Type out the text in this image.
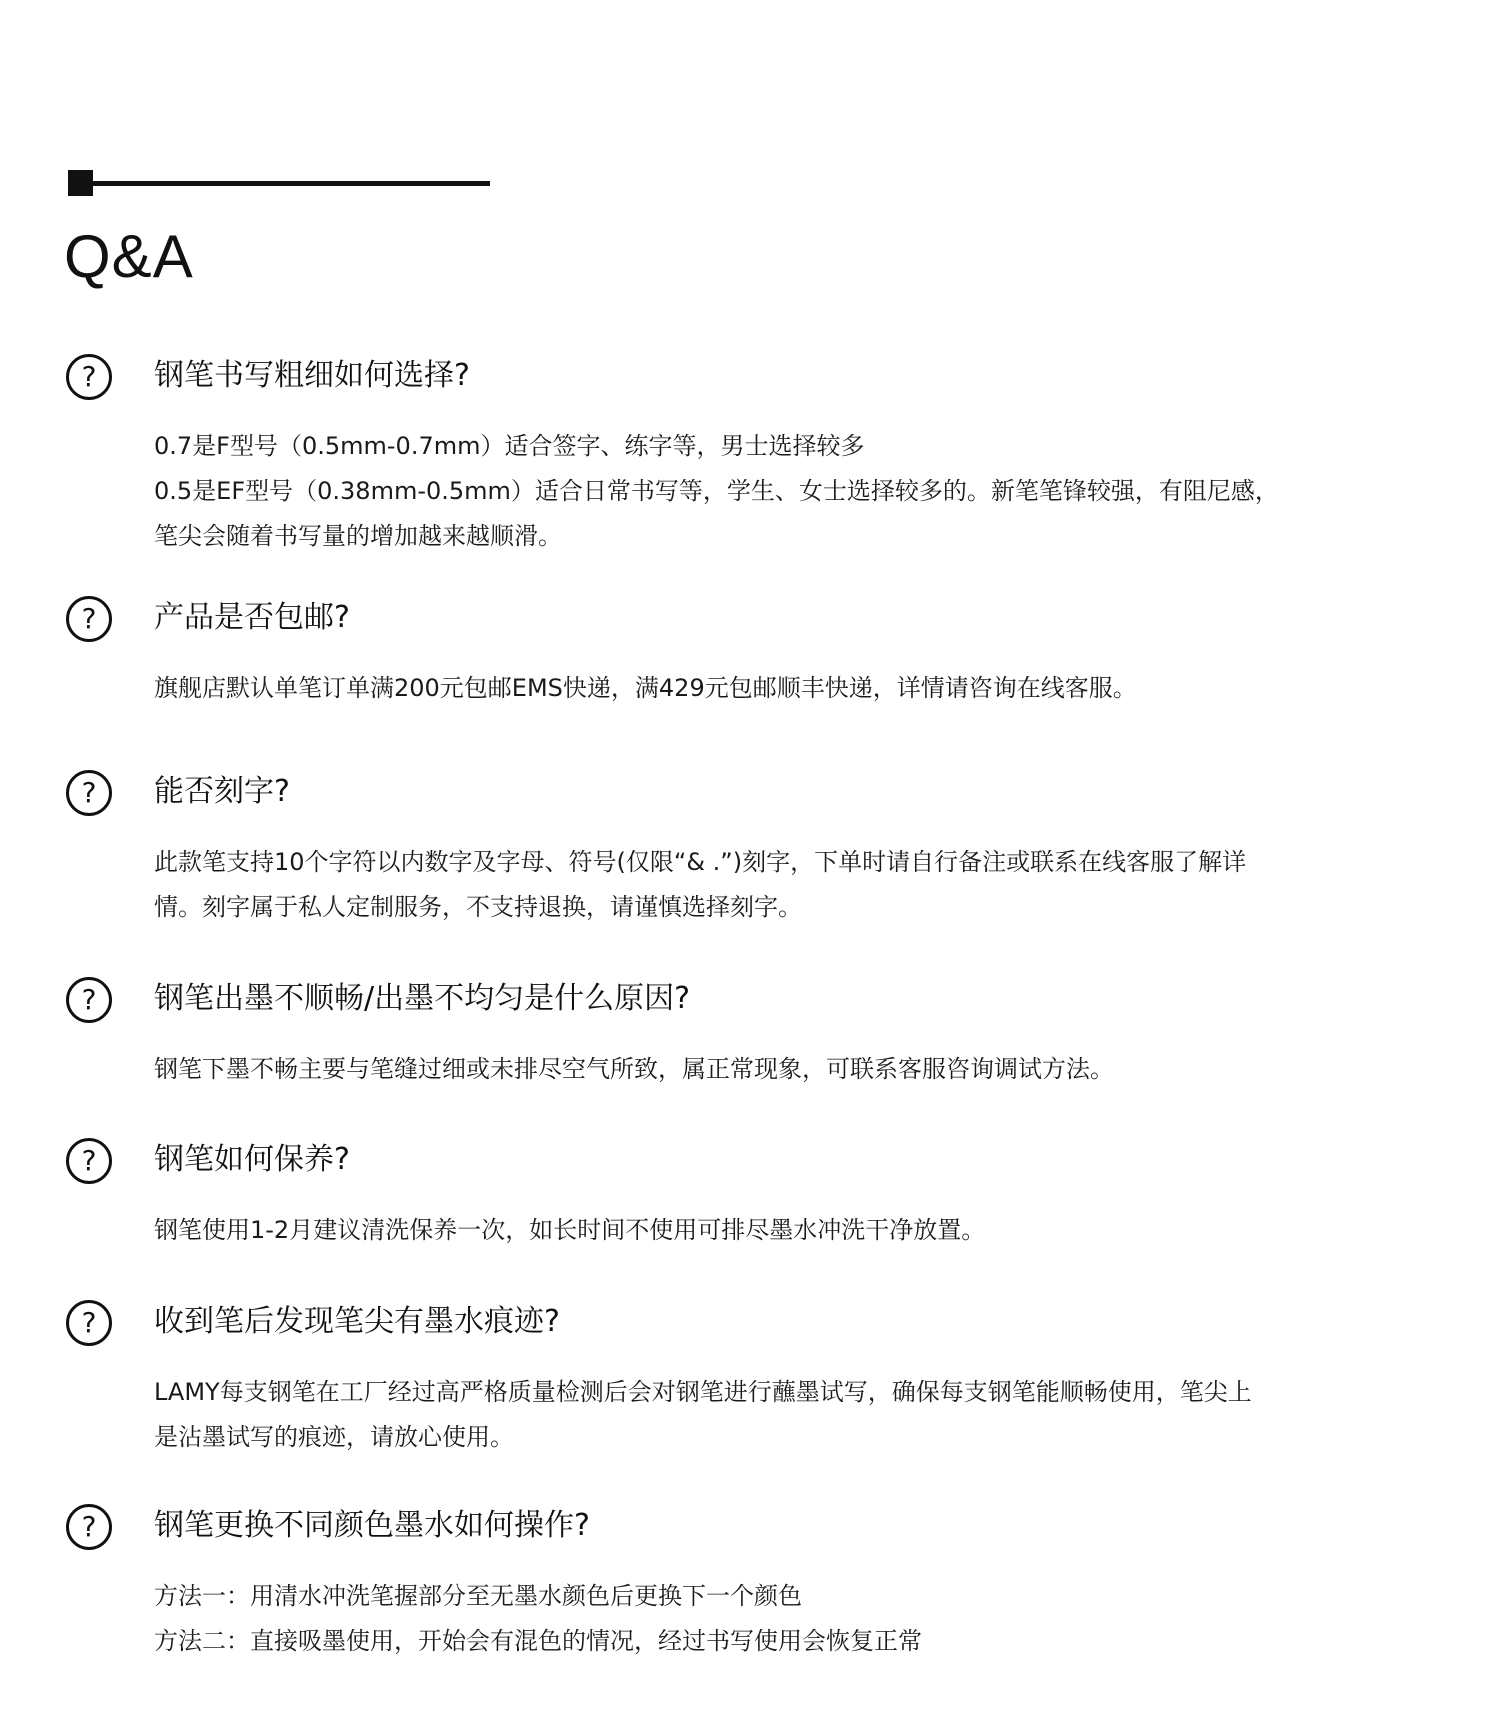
Q&A
?	钢笔书写粗细如何选择?
0.7是F型号（0.5mm-0.7mm）适合签字、练字等，男士选择较多
0.5是EF型号（0.38mm-0.5mm）适合日常书写等，学生、女士选择较多的。新笔笔锋较强，有阻尼感，
笔尖会随着书写量的增加越来越顺滑。
?	产品是否包邮?
旗舰店默认单笔订单满200元包邮EMS快递，满429元包邮顺丰快递，详情请咨询在线客服。
?	能否刻字?
此款笔支持10个字符以内数字及字母、符号(仅限“& .”)刻字，下单时请自行备注或联系在线客服了解详
情。刻字属于私人定制服务，不支持退换，请谨慎选择刻字。
?	钢笔出墨不顺畅/出墨不均匀是什么原因?
钢笔下墨不畅主要与笔缝过细或未排尽空气所致，属正常现象，可联系客服咨询调试方法。
?	钢笔如何保养?
钢笔使用1-2月建议清洗保养一次，如长时间不使用可排尽墨水冲洗干净放置。
?	收到笔后发现笔尖有墨水痕迹?
LAMY每支钢笔在工厂经过高严格质量检测后会对钢笔进行蘸墨试写，确保每支钢笔能顺畅使用，笔尖上
是沾墨试写的痕迹，请放心使用。
?	钢笔更换不同颜色墨水如何操作?
方法一：用清水冲洗笔握部分至无墨水颜色后更换下一个颜色
方法二：直接吸墨使用，开始会有混色的情况，经过书写使用会恢复正常
